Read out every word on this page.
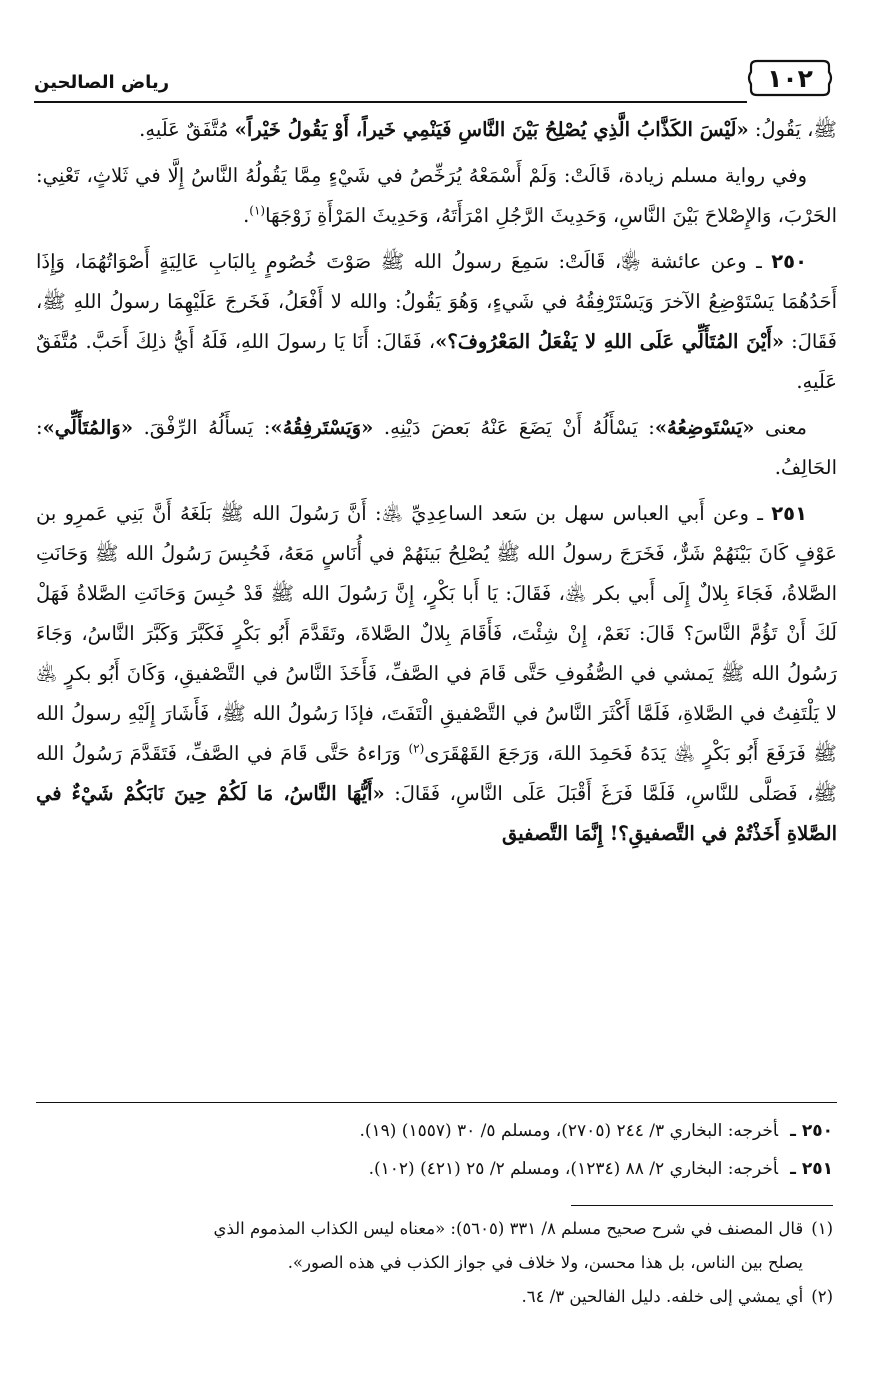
١٠٢
رياض الصالحين

ﷺ، يَقُولُ: «لَيْسَ الكَذَّابُ الَّذِي يُصْلِحُ بَيْنَ النَّاسِ فَيَنْمِي خَيراً، أَوْ يَقُولُ خَيْراً» مُتَّفَقٌ عَلَيهِ.

وفي رواية مسلم زيادة، قَالَتْ: وَلَمْ أَسْمَعْهُ يُرَخِّصُ في شَيْءٍ مِمَّا يَقُولُهُ النَّاسُ إِلَّا في ثَلاثٍ، تَعْنِي: الحَرْبَ، وَالإِصْلاحَ بَيْنَ النَّاسِ، وَحَدِيثَ الرَّجُلِ امْرَأَتَهُ، وَحَدِيثَ المَرْأَةِ زَوْجَهَا$^{(١)}$.

٢٥٠ ـ وعن عائشة ﵂، قَالَتْ: سَمِعَ رسولُ الله ﷺ صَوْتَ خُصُومٍ بِالبَابِ عَالِيَةٍ أَصْوَاتُهُمَا، وَإِذَا أَحَدُهُمَا يَسْتَوْضِعُ الآخرَ وَيَسْتَرْفِقُهُ في شَيءٍ، وَهُوَ يَقُولُ: والله لا أَفْعَلُ، فَخَرجَ عَلَيْهِمَا رسولُ اللهِ ﷺ، فَقَالَ: «أَيْنَ المُتَأَلِّي عَلَى اللهِ لا يَفْعَلُ المَعْرُوفَ؟»، فَقَالَ: أَنَا يَا رسولَ اللهِ، فَلَهُ أَيُّ ذلِكَ أَحَبَّ. مُتَّفَقٌ عَلَيهِ.

معنى «يَسْتَوضِعُهُ»: يَسْأَلُهُ أَنْ يَضَعَ عَنْهُ بَعضَ دَيْنِهِ. «وَيَسْتَرفِقُهُ»: يَسأَلُهُ الرِّفْقَ. «وَالمُتَأَلِّي»: الحَالِفُ.

٢٥١ ـ وعن أَبي العباس سهل بن سَعد الساعِدِيِّ ﵁: أَنَّ رَسُولَ الله ﷺ بَلَغَهُ أَنَّ بَنِي عَمرِو بن عَوْفٍ كَانَ بَيْنَهُمْ شَرٌّ، فَخَرَجَ رسولُ الله ﷺ يُصْلِحُ بَينَهُمْ في أُنَاسٍ مَعَهُ، فَحُبِسَ رَسُولُ الله ﷺ وَحَانَتِ الصَّلاةُ، فَجَاءَ بِلالٌ إِلَى أَبي بكر ﵁، فَقَالَ: يَا أَبا بَكْرٍ، إِنَّ رَسُولَ الله ﷺ قَدْ حُبِسَ وَحَانَتِ الصَّلاةُ فَهَلْ لَكَ أَنْ تَؤُمَّ النَّاسَ؟ قَالَ: نَعَمْ، إِنْ شِئْتَ، فَأَقَامَ بِلالٌ الصَّلاةَ، وتَقَدَّمَ أَبُو بَكْرٍ فَكَبَّرَ وَكَبَّرَ النَّاسُ، وَجَاءَ رَسُولُ الله ﷺ يَمشي في الصُّفُوفِ حَتَّى قَامَ في الصَّفِّ، فَأَخَذَ النَّاسُ في التَّصْفيقِ، وَكَانَ أَبُو بكرٍ ﵁ لا يَلْتَفِتُ في الصَّلاةِ، فَلَمَّا أَكْثَرَ النَّاسُ في التَّصْفيقِ الْتَفَتَ، فإذَا رَسُولُ الله ﷺ، فَأَشَارَ إِلَيْهِ رسولُ الله ﷺ فَرَفَعَ أَبُو بَكْرٍ ﵁ يَدَهُ فَحَمِدَ اللهَ، وَرَجَعَ القَهْقَرَى$^{(٢)}$ وَرَاءهُ حَتَّى قَامَ في الصَّفِّ، فَتَقَدَّمَ رَسُولُ الله ﷺ، فَصَلَّى للنَّاسِ، فَلَمَّا فَرَغَ أَقْبَلَ عَلَى النَّاسِ، فَقَالَ: «أَيُّهَا النَّاسُ، مَا لَكُمْ حِينَ نَابَكُمْ شَيْءٌ في الصَّلاةِ أَخَذْتُمْ في التَّصفيقِ؟! إِنَّمَا التَّصفيق

٢٥٠ ـأخرجه: البخاري ٣/ ٢٤٤ (٢٧٠٥)، ومسلم ٥/ ٣٠ (١٥٥٧) (١٩).
٢٥١ ـأخرجه: البخاري ٢/ ٨٨ (١٢٣٤)، ومسلم ٢/ ٢٥ (٤٢١) (١٠٢).

(١)قال المصنف في شرح صحيح مسلم ٨/ ٣٣١ (٥٦٠٥): «معناه ليس الكذاب المذموم الذي

يصلح بين الناس، بل هذا محسن، ولا خلاف في جواز الكذب في هذه الصور».

(٢)أي يمشي إلى خلفه. دليل الفالحين ٣/ ٦٤.
